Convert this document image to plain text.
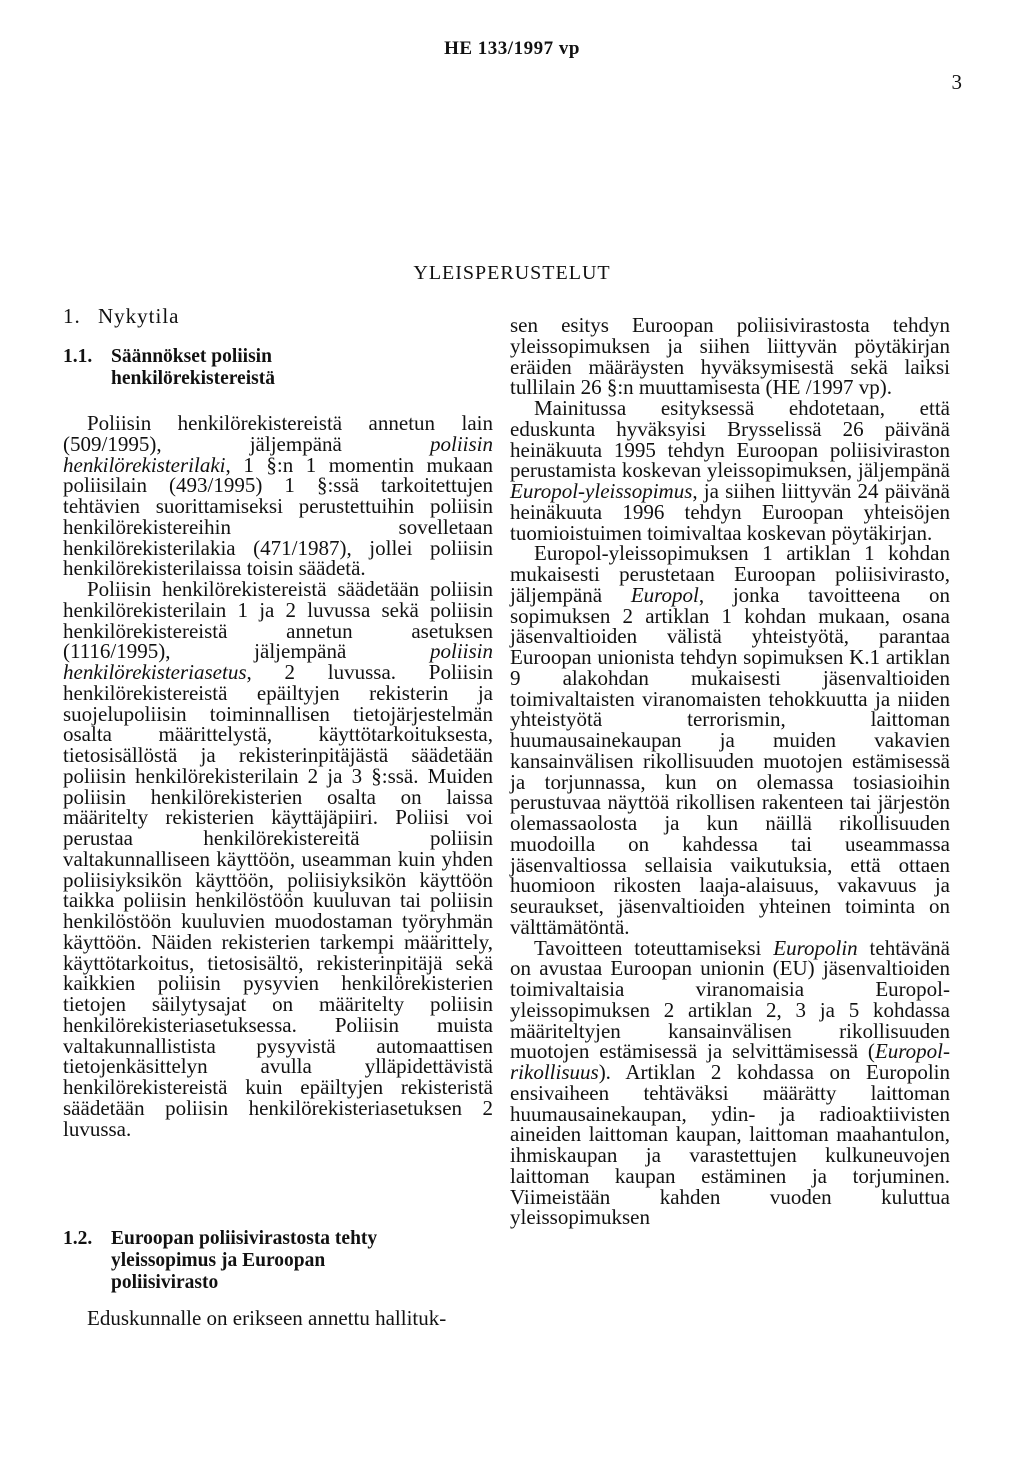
HE 133/1997 vp
3
YLEISPERUSTELUT
1. Nykytila
1.1. Säännökset poliisin
henkilörekistereistä

Poliisin henkilörekistereistä annetun lain (509/1995), jäljempänä poliisin henkilörekisterilaki, 1 §:n 1 momentin mukaan poliisilain (493/1995) 1 §:ssä tarkoitettujen tehtävien suorittamiseksi perustettuihin poliisin henkilörekistereihin sovelletaan henkilörekisterilakia (471/1987), jollei poliisin henkilörekisterilaissa toisin säädetä.

Poliisin henkilörekistereistä säädetään poliisin henkilörekisterilain 1 ja 2 luvussa sekä poliisin henkilörekistereistä annetun asetuksen (1116/1995), jäljempänä poliisin henkilörekisteriasetus, 2 luvussa. Poliisin henkilörekistereistä epäiltyjen rekisterin ja suojelupoliisin toiminnallisen tietojärjestelmän osalta määrittelystä, käyttötarkoituksesta, tietosisällöstä ja rekisterinpitäjästä säädetään poliisin henkilörekisterilain 2 ja 3 §:ssä. Muiden poliisin henkilörekisterien osalta on laissa määritelty rekisterien käyttäjäpiiri. Poliisi voi perustaa henkilörekistereitä poliisin valtakunnalliseen käyttöön, useamman kuin yhden poliisiyksikön käyttöön, poliisiyksikön käyttöön taikka poliisin henkilöstöön kuuluvan tai poliisin henkilöstöön kuuluvien muodostaman työryhmän käyttöön. Näiden rekisterien tarkempi määrittely, käyttötarkoitus, tietosisältö, rekisterinpitäjä sekä kaikkien poliisin pysyvien henkilörekisterien tietojen säilytysajat on määritelty poliisin henkilörekisteriasetuksessa. Poliisin muista valtakunnallistista pysyvistä automaattisen tietojenkäsittelyn avulla ylläpidettävistä henkilörekistereistä kuin epäiltyjen rekisteristä säädetään poliisin henkilörekisteriasetuksen 2 luvussa.

1.2. Euroopan poliisivirastosta tehty
yleissopimus ja Euroopan
poliisivirasto

Eduskunnalle on erikseen annettu hallituk-

sen esitys Euroopan poliisivirastosta tehdyn yleissopimuksen ja siihen liittyvän pöytäkirjan eräiden määräysten hyväksymisestä sekä laiksi tullilain 26 §:n muuttamisesta (HE /1997 vp).

Mainitussa esityksessä ehdotetaan, että eduskunta hyväksyisi Brysselissä 26 päivänä heinäkuuta 1995 tehdyn Euroopan poliisiviraston perustamista koskevan yleissopimuksen, jäljempänä Europol-yleissopimus, ja siihen liittyvän 24 päivänä heinäkuuta 1996 tehdyn Euroopan yhteisöjen tuomioistuimen toimivaltaa koskevan pöytäkirjan.

Europol-yleissopimuksen 1 artiklan 1 kohdan mukaisesti perustetaan Euroopan poliisivirasto, jäljempänä Europol, jonka tavoitteena on sopimuksen 2 artiklan 1 kohdan mukaan, osana jäsenvaltioiden välistä yhteistyötä, parantaa Euroopan unionista tehdyn sopimuksen K.1 artiklan 9 alakohdan mukaisesti jäsenvaltioiden toimivaltaisten viranomaisten tehokkuutta ja niiden yhteistyötä terrorismin, laittoman huumausainekaupan ja muiden vakavien kansainvälisen rikollisuuden muotojen estämisessä ja torjunnassa, kun on olemassa tosiasioihin perustuvaa näyttöä rikollisen rakenteen tai järjestön olemassaolosta ja kun näillä rikollisuuden muodoilla on kahdessa tai useammassa jäsenvaltiossa sellaisia vaikutuksia, että ottaen huomioon rikosten laaja-alaisuus, vakavuus ja seuraukset, jäsenvaltioiden yhteinen toiminta on välttämätöntä.

Tavoitteen toteuttamiseksi Europolin tehtävänä on avustaa Euroopan unionin (EU) jäsenvaltioiden toimivaltaisia viranomaisia Europol-yleissopimuksen 2 artiklan 2, 3 ja 5 kohdassa määriteltyjen kansainvälisen rikollisuuden muotojen estämisessä ja selvittämisessä (Europol-rikollisuus). Artiklan 2 kohdassa on Europolin ensivaiheen tehtäväksi määrätty laittoman huumausainekaupan, ydin- ja radioaktiivisten aineiden laittoman kaupan, laittoman maahantulon, ihmiskaupan ja varastettujen kulkuneuvojen laittoman kaupan estäminen ja torjuminen. Viimeistään kahden vuoden kuluttua yleissopimuksen
